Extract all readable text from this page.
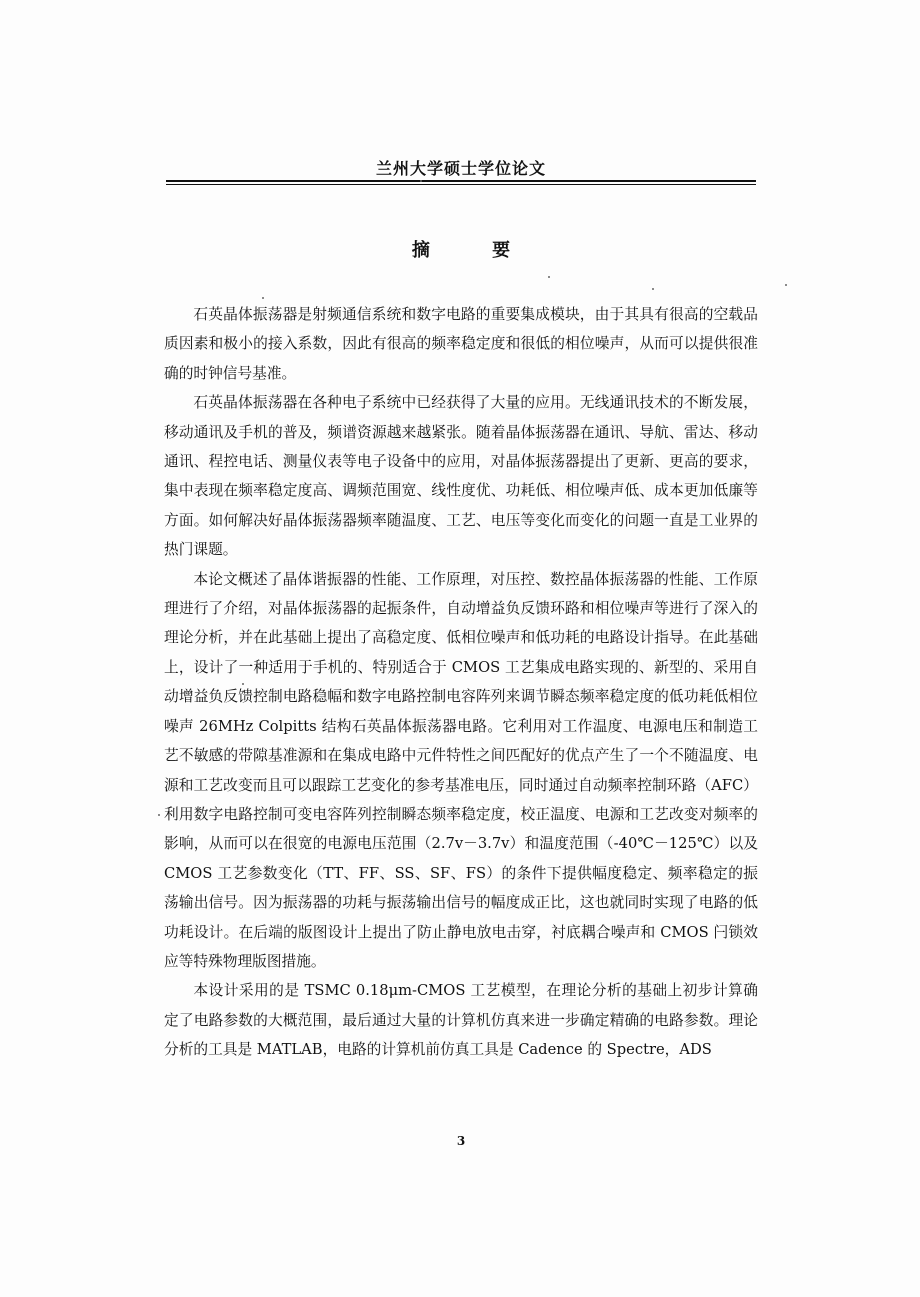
兰州大学硕士学位论文
摘 要

石英晶体振荡器是射频通信系统和数字电路的重要集成模块，由于其具有很高的空载品质因素和极小的接入系数，因此有很高的频率稳定度和很低的相位噪声，从而可以提供很准确的时钟信号基准。

石英晶体振荡器在各种电子系统中已经获得了大量的应用。无线通讯技术的不断发展，移动通讯及手机的普及，频谱资源越来越紧张。随着晶体振荡器在通讯、导航、雷达、移动通讯、程控电话、测量仪表等电子设备中的应用，对晶体振荡器提出了更新、更高的要求，集中表现在频率稳定度高、调频范围宽、线性度优、功耗低、相位噪声低、成本更加低廉等方面。如何解决好晶体振荡器频率随温度、工艺、电压等变化而变化的问题一直是工业界的热门课题。

本论文概述了晶体谐振器的性能、工作原理，对压控、数控晶体振荡器的性能、工作原理进行了介绍，对晶体振荡器的起振条件，自动增益负反馈环路和相位噪声等进行了深入的理论分析，并在此基础上提出了高稳定度、低相位噪声和低功耗的电路设计指导。在此基础上，设计了一种适用于手机的、特别适合于 CMOS 工艺集成电路实现的、新型的、采用自动增益负反馈控制电路稳幅和数字电路控制电容阵列来调节瞬态频率稳定度的低功耗低相位噪声 26MHz Colpitts 结构石英晶体振荡器电路。它利用对工作温度、电源电压和制造工艺不敏感的带隙基准源和在集成电路中元件特性之间匹配好的优点产生了一个不随温度、电源和工艺改变而且可以跟踪工艺变化的参考基准电压，同时通过自动频率控制环路（AFC）利用数字电路控制可变电容阵列控制瞬态频率稳定度，校正温度、电源和工艺改变对频率的影响，从而可以在很宽的电源电压范围（2.7v－3.7v）和温度范围（-40℃－125℃）以及 CMOS 工艺参数变化（TT、FF、SS、SF、FS）的条件下提供幅度稳定、频率稳定的振荡输出信号。因为振荡器的功耗与振荡输出信号的幅度成正比，这也就同时实现了电路的低功耗设计。在后端的版图设计上提出了防止静电放电击穿，衬底耦合噪声和 CMOS 闩锁效应等特殊物理版图措施。

本设计采用的是 TSMC 0.18μm-CMOS 工艺模型，在理论分析的基础上初步计算确定了电路参数的大概范围，最后通过大量的计算机仿真来进一步确定精确的电路参数。理论分析的工具是 MATLAB，电路的计算机前仿真工具是 Cadence 的 Spectre，ADS

3
